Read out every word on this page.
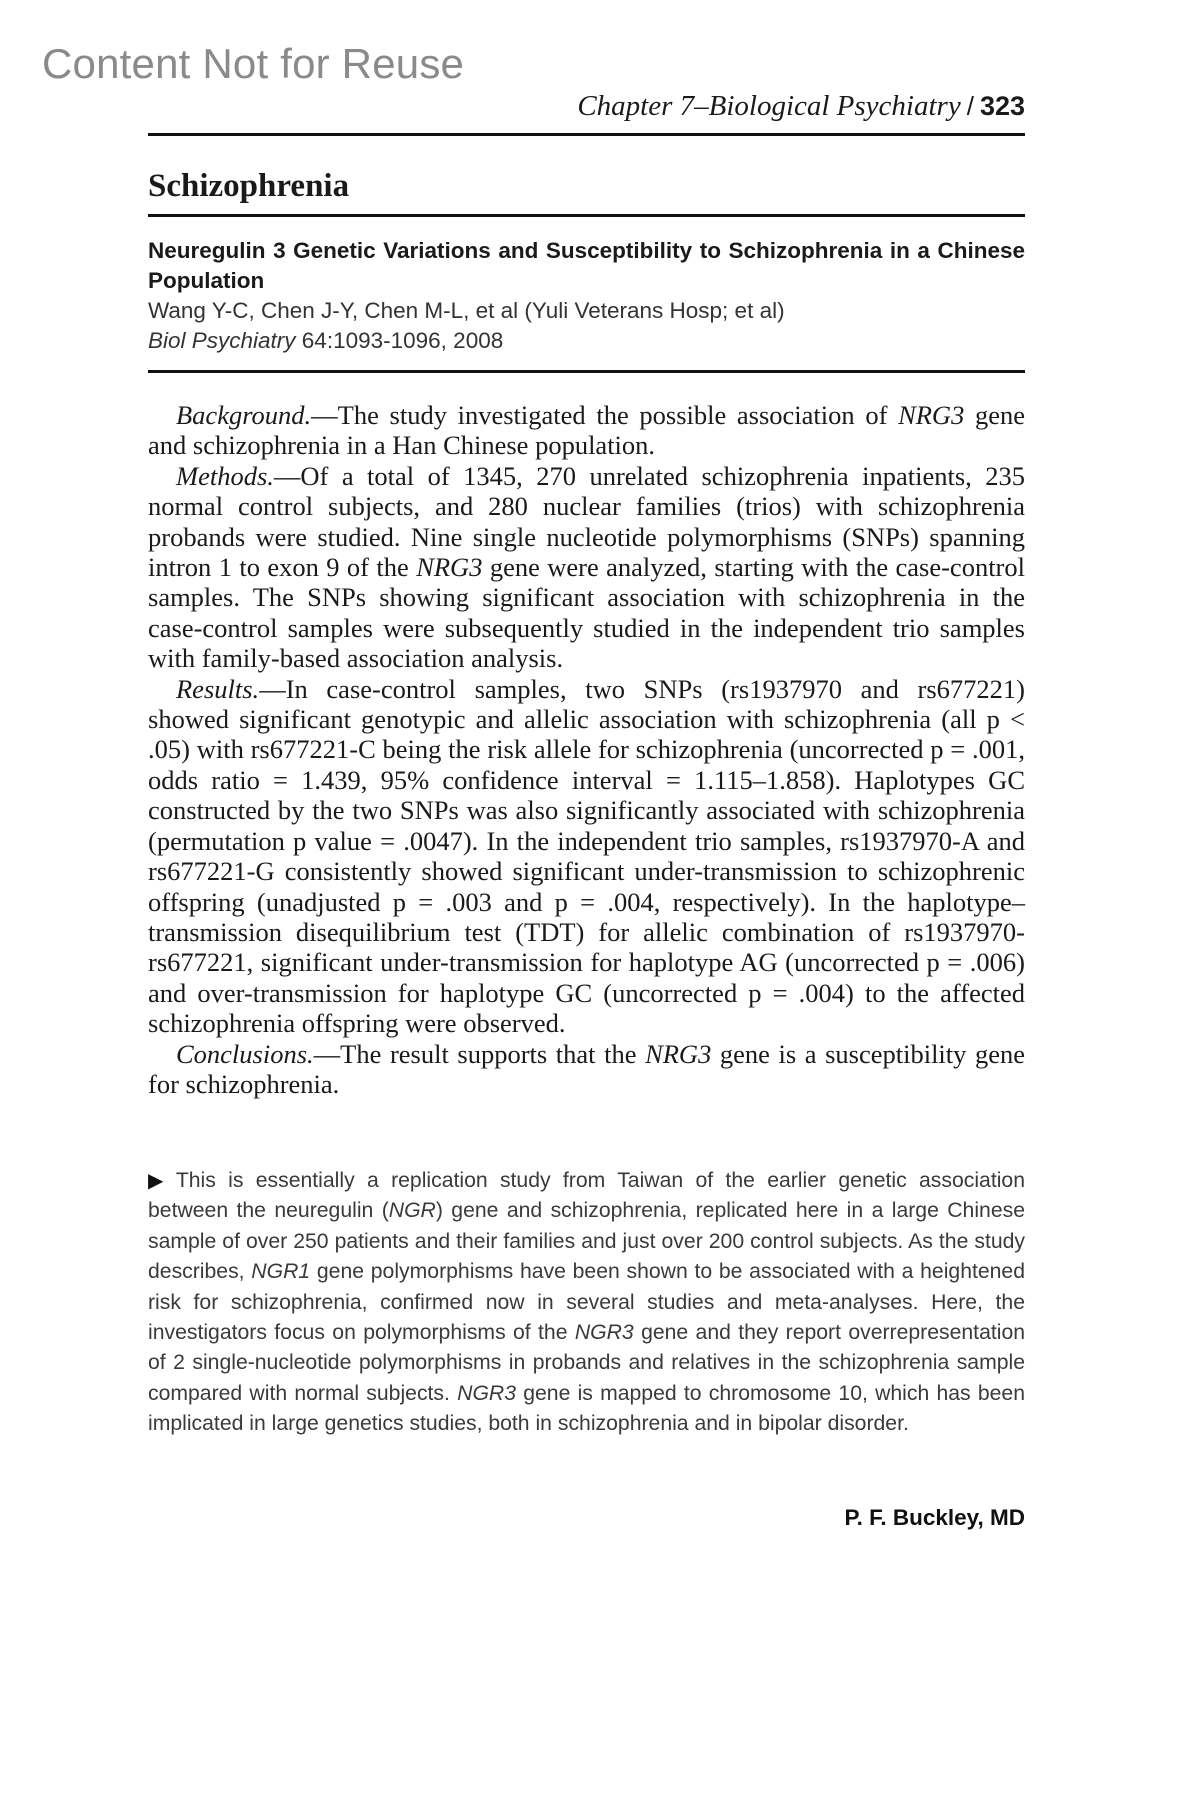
Content Not for Reuse
Chapter 7–Biological Psychiatry / 323
Schizophrenia
Neuregulin 3 Genetic Variations and Susceptibility to Schizophrenia in a Chinese Population
Wang Y-C, Chen J-Y, Chen M-L, et al (Yuli Veterans Hosp; et al)
Biol Psychiatry 64:1093-1096, 2008

Background.—The study investigated the possible association of NRG3 gene and schizophrenia in a Han Chinese population.

Methods.—Of a total of 1345, 270 unrelated schizophrenia inpatients, 235 normal control subjects, and 280 nuclear families (trios) with schizophrenia probands were studied. Nine single nucleotide polymorphisms (SNPs) spanning intron 1 to exon 9 of the NRG3 gene were analyzed, starting with the case-control samples. The SNPs showing significant association with schizophrenia in the case-control samples were subsequently studied in the independent trio samples with family-based association analysis.

Results.—In case-control samples, two SNPs (rs1937970 and rs677221) showed significant genotypic and allelic association with schizophrenia (all p < .05) with rs677221-C being the risk allele for schizophrenia (uncorrected p = .001, odds ratio = 1.439, 95% confidence interval = 1.115–1.858). Haplotypes GC constructed by the two SNPs was also significantly associated with schizophrenia (permutation p value = .0047). In the independent trio samples, rs1937970-A and rs677221-G consistently showed significant under-transmission to schizophrenic offspring (unadjusted p = .003 and p = .004, respectively). In the haplotype–transmission disequilibrium test (TDT) for allelic combination of rs1937970-rs677221, significant under-transmission for haplotype AG (uncorrected p = .006) and over-transmission for haplotype GC (uncorrected p = .004) to the affected schizophrenia offspring were observed.

Conclusions.—The result supports that the NRG3 gene is a susceptibility gene for schizophrenia.

▶ This is essentially a replication study from Taiwan of the earlier genetic association between the neuregulin (NGR) gene and schizophrenia, replicated here in a large Chinese sample of over 250 patients and their families and just over 200 control subjects. As the study describes, NGR1 gene polymorphisms have been shown to be associated with a heightened risk for schizophrenia, confirmed now in several studies and meta-analyses. Here, the investigators focus on polymorphisms of the NGR3 gene and they report overrepresentation of 2 single-nucleotide polymorphisms in probands and relatives in the schizophrenia sample compared with normal subjects. NGR3 gene is mapped to chromosome 10, which has been implicated in large genetics studies, both in schizophrenia and in bipolar disorder.
P. F. Buckley, MD
